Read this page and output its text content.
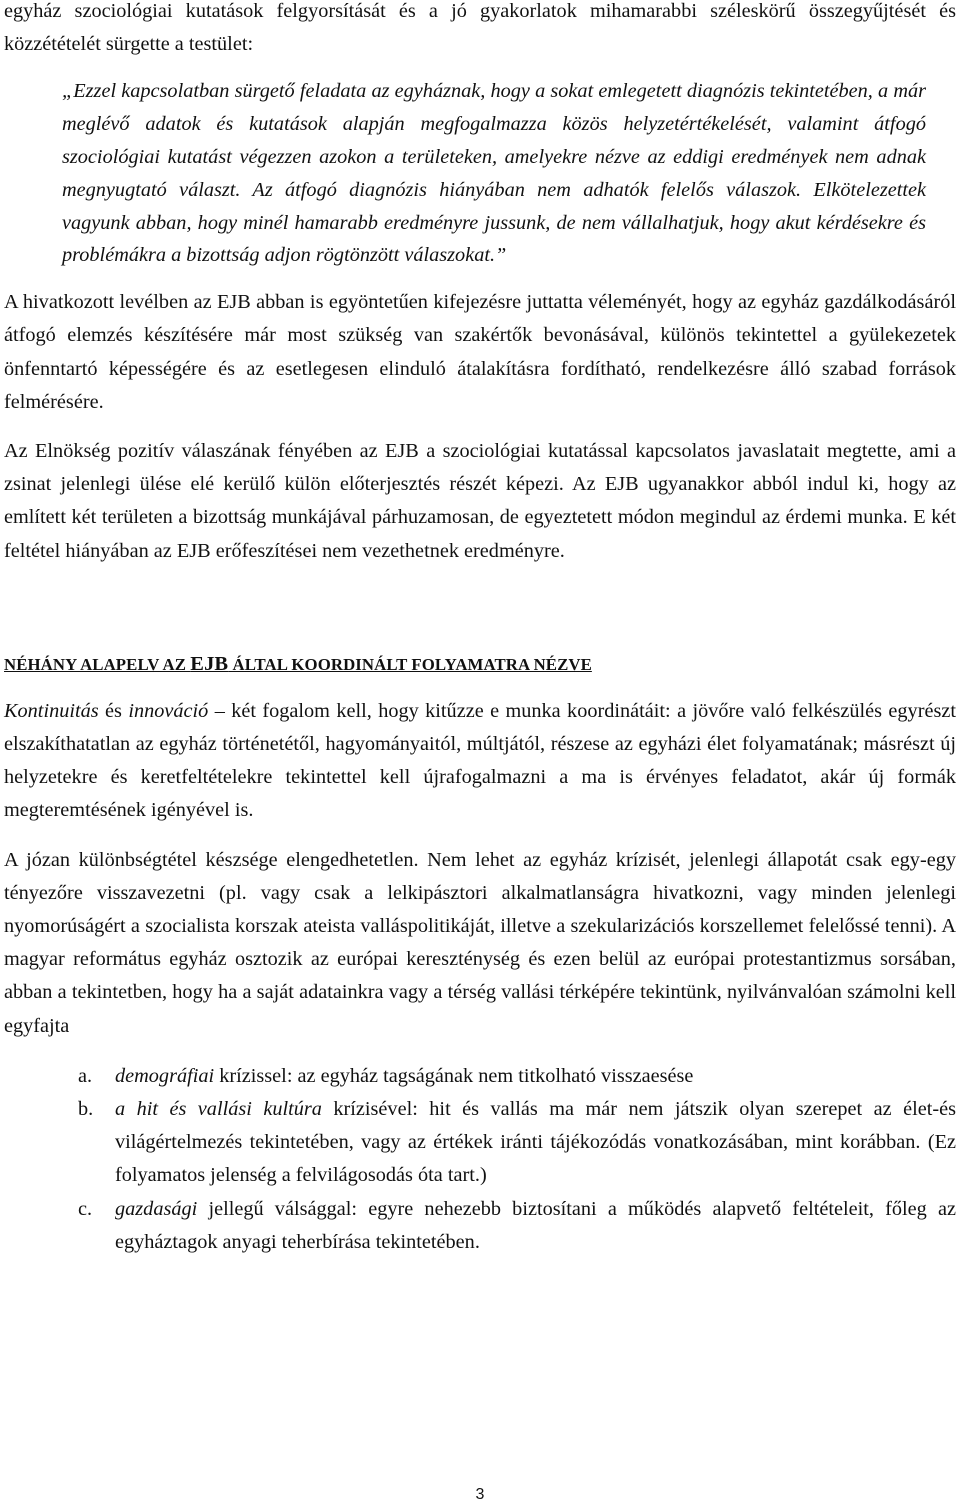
egyház szociológiai kutatások felgyorsítását és a jó gyakorlatok mihamarabbi széleskörű összegyűjtését és közzétételét sürgette a testület:

„Ezzel kapcsolatban sürgető feladata az egyháznak, hogy a sokat emlegetett diagnózis tekintetében, a már meglévő adatok és kutatások alapján megfogalmazza közös helyzetértékelését, valamint átfogó szociológiai kutatást végezzen azokon a területeken, amelyekre nézve az eddigi eredmények nem adnak megnyugtató választ. Az átfogó diagnózis hiányában nem adhatók felelős válaszok. Elkötelezettek vagyunk abban, hogy minél hamarabb eredményre jussunk, de nem vállalhatjuk, hogy akut kérdésekre és problémákra a bizottság adjon rögtönzött válaszokat.”

A hivatkozott levélben az EJB abban is egyöntetűen kifejezésre juttatta véleményét, hogy az egyház gazdálkodásáról átfogó elemzés készítésére már most szükség van szakértők bevonásával, különös tekintettel a gyülekezetek önfenntartó képességére és az esetlegesen elinduló átalakításra fordítható, rendelkezésre álló szabad források felmérésére.

Az Elnökség pozitív válaszának fényében az EJB a szociológiai kutatással kapcsolatos javaslatait megtette, ami a zsinat jelenlegi ülése elé kerülő külön előterjesztés részét képezi. Az EJB ugyanakkor abból indul ki, hogy az említett két területen a bizottság munkájával párhuzamosan, de egyeztetett módon megindul az érdemi munka. E két feltétel hiányában az EJB erőfeszítései nem vezethetnek eredményre.

NÉHÁNY ALAPELV AZ EJB ÁLTAL KOORDINÁLT FOLYAMATRA NÉZVE

Kontinuitás és innováció – két fogalom kell, hogy kitűzze e munka koordinátáit: a jövőre való felkészülés egyrészt elszakíthatatlan az egyház történetétől, hagyományaitól, múltjától, részese az egyházi élet folyamatának; másrészt új helyzetekre és keretfeltételekre tekintettel kell újrafogalmazni a ma is érvényes feladatot, akár új formák megteremtésének igényével is.

A józan különbségtétel készsége elengedhetetlen. Nem lehet az egyház krízisét, jelenlegi állapotát csak egy-egy tényezőre visszavezetni (pl. vagy csak a lelkipásztori alkalmatlanságra hivatkozni, vagy minden jelenlegi nyomorúságért a szocialista korszak ateista valláspolitikáját, illetve a szekularizációs korszellemet felelőssé tenni). A magyar református egyház osztozik az európai kereszténység és ezen belül az európai protestantizmus sorsában, abban a tekintetben, hogy ha a saját adatainkra vagy a térség vallási térképére tekintünk, nyilvánvalóan számolni kell egyfajta

a. demográfiai krízissel: az egyház tagságának nem titkolható visszaesése
b. a hit és vallási kultúra krízisével: hit és vallás ma már nem játszik olyan szerepet az élet-és világértelmezés tekintetében, vagy az értékek iránti tájékozódás vonatkozásában, mint korábban. (Ez folyamatos jelenség a felvilágosodás óta tart.)
c. gazdasági jellegű válsággal: egyre nehezebb biztosítani a működés alapvető feltételeit, főleg az egyháztagok anyagi teherbírása tekintetében.
3
